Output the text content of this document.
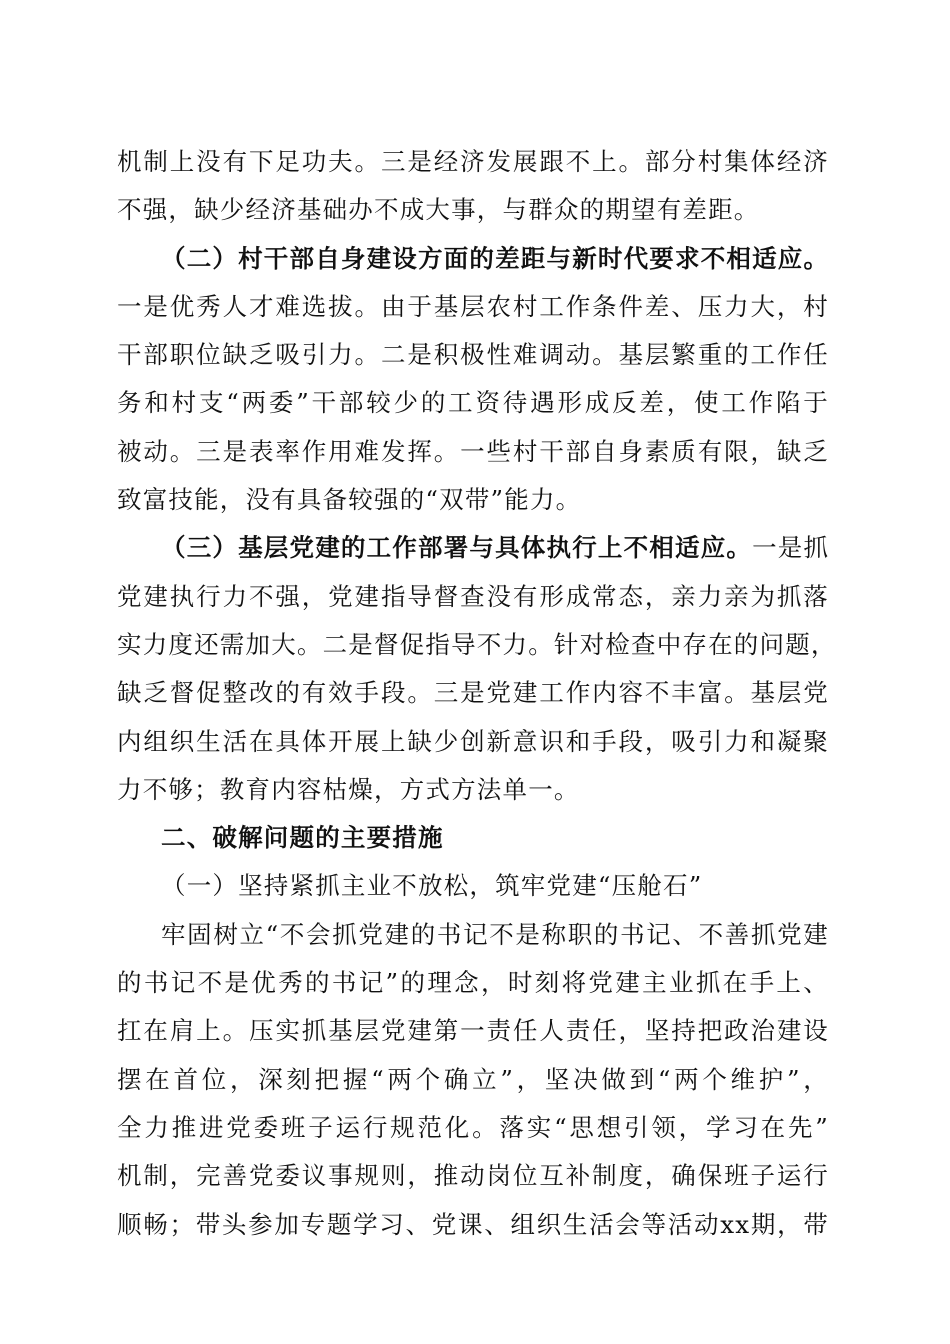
机制上没有下足功夫。三是经济发展跟不上。部分村集体经济
不强，缺少经济基础办不成大事，与群众的期望有差距。
（二）村干部自身建设方面的差距与新时代要求不相适应。
一是优秀人才难选拔。由于基层农村工作条件差、压力大，村
干部职位缺乏吸引力。二是积极性难调动。基层繁重的工作任
务和村支“两委”干部较少的工资待遇形成反差，使工作陷于
被动。三是表率作用难发挥。一些村干部自身素质有限，缺乏
致富技能，没有具备较强的“双带”能力。
（三）基层党建的工作部署与具体执行上不相适应。一是抓
党建执行力不强，党建指导督查没有形成常态，亲力亲为抓落
实力度还需加大。二是督促指导不力。针对检查中存在的问题，
缺乏督促整改的有效手段。三是党建工作内容不丰富。基层党
内组织生活在具体开展上缺少创新意识和手段，吸引力和凝聚
力不够；教育内容枯燥，方式方法单一。
二、破解问题的主要措施
（一）坚持紧抓主业不放松，筑牢党建“压舱石”
牢固树立“不会抓党建的书记不是称职的书记、不善抓党建
的书记不是优秀的书记”的理念，时刻将党建主业抓在手上、
扛在肩上。压实抓基层党建第一责任人责任，坚持把政治建设
摆在首位，深刻把握“两个确立”，坚决做到“两个维护”，
全力推进党委班子运行规范化。落实“思想引领，学习在先”
机制，完善党委议事规则，推动岗位互补制度，确保班子运行
顺畅；带头参加专题学习、党课、组织生活会等活动xx期，带
